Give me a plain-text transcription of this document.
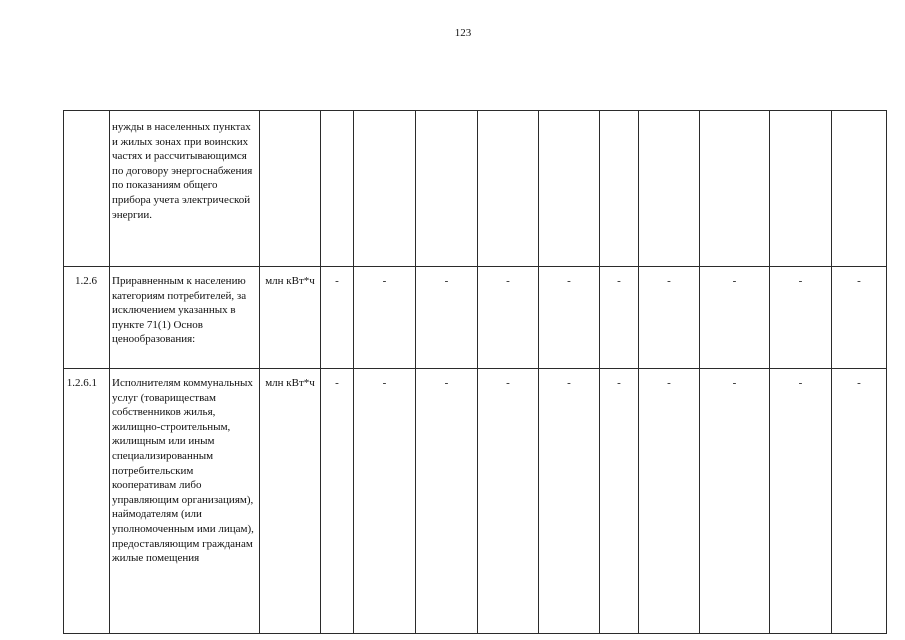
123
	нужды в населенных пунктах и жилых зонах при воинских частях и рассчитывающимся по договору энергоснабжения по показаниям общего прибора учета электрической энергии.											
1.2.6	Приравненным к населению категориям потребителей, за исключением указанных в пункте 71(1) Основ ценообразования:	млн кВт*ч	-	-	-	-	-	-	-	-	-	-
1.2.6.1	Исполнителям коммунальных услуг (товариществам собственников жилья, жилищно-строительным, жилищным или иным специализированным потребительским кооперативам либо управляющим организациям), наймодателям (или уполномоченным ими лицам), предоставляющим гражданам жилые помещения	млн кВт*ч	-	-	-	-	-	-	-	-	-	-
